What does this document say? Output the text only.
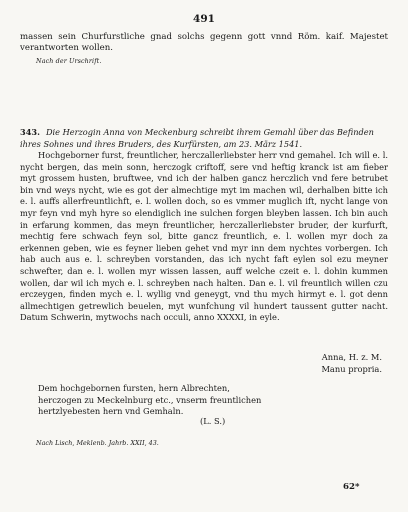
491
massen sein Churfurstliche gnad solchs gegenn gott vnnd Röm. kaif. Majestet verantworten wollen.
Nach der Urschrift.
343. Die Herzogin Anna von Meckenburg schreibt ihrem Gemahl über das Befinden ihres Sohnes und ihres Bruders, des Kurfürsten, am 23. März 1541.

Hochgeborner furst, freuntlicher, herczallerliebster herr vnd gemahel. Ich will e. l. nycht bergen, das mein sonn, herczogk criftoff, sere vnd heftig kranck ist am fieber myt grossem husten, bruftwee, vnd ich der halben gancz herczlich vnd fere betrubet bin vnd weys nycht, wie es got der almechtige myt im machen wil, derhalben bitte ich e. l. auffs allerfreuntlichft, e. l. wollen doch, so es vmmer muglich ift, nycht lange von myr feyn vnd myh hyre so elendiglich ine sulchen forgen bleyben lassen. Ich bin auch in erfarung kommen, das meyn freuntlicher, herczallerliebster bruder, der kurfurft, mechtig fere schwach feyn sol, bitte gancz freuntlich, e. l. wollen myr doch za erkennen geben, wie es feyner lieben gehet vnd myr inn dem nychtes vorbergen. Ich hab auch aus e. l. schreyben vorstanden, das ich nycht faft eylen sol ezu meyner schwefter, dan e. l. wollen myr wissen lassen, auff welche czeit e. l. dohin kummen wollen, dar wil ich mych e. l. schreyben nach halten. Dan e. l. vil freuntlich willen czu erczeygen, finden mych e. l. wyllig vnd geneygt, vnd thu mych hirmyt e. l. got denn allmechtigen getrewlich beuelen, myt wunfchung vil hundert taussent gutter nacht. Datum Schwerin, mytwochs nach occuli, anno XXXXI, in eyle.

Anna, H. z. M.
Manu propria.
Dem hochgebornen fursten, hern Albrechten,
herczogen zu Meckelnburg etc., vnserm freuntlichen
hertzlyebesten hern vnd Gemhaln.
(L. S.)
Nach Lisch, Meklenb. Jahrb. XXII, 43.
62*
